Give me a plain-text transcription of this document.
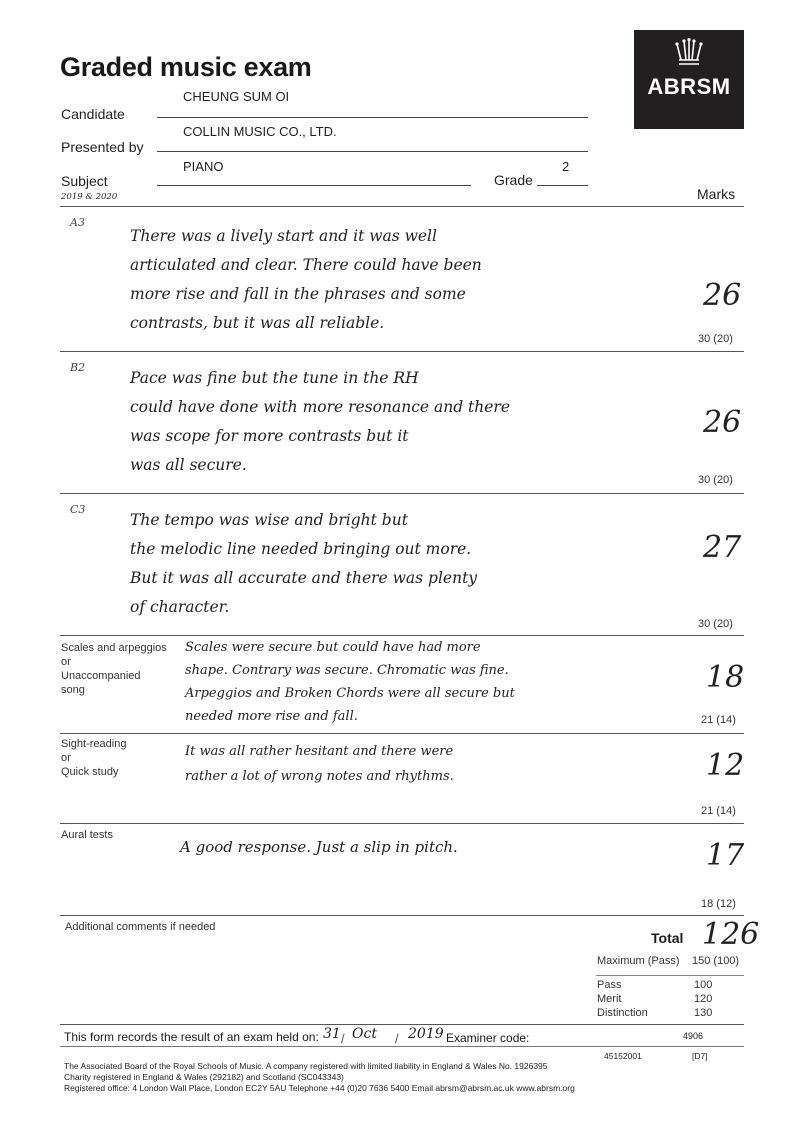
Graded music exam
ABRSM
Candidate
CHEUNG SUM OI
Presented by
COLLIN MUSIC CO., LTD.
Subject
PIANO
2019 & 2020
Grade
2
Marks
A3
There was a lively start and it was well
articulated and clear. There could have been
more rise and fall in the phrases and some
contrasts, but it was all reliable.
26
30 (20)
B2
Pace was fine but the tune in the RH
could have done with more resonance and there
was scope for more contrasts but it
was all secure.
26
30 (20)
C3
The tempo was wise and bright but
the melodic line needed bringing out more.
But it was all accurate and there was plenty
of character.
27
30 (20)
Scales and arpeggios
or
Unaccompanied
song
Scales were secure but could have had more
shape. Contrary was secure. Chromatic was fine.
Arpeggios and Broken Chords were all secure but
needed more rise and fall.
18
21 (14)
Sight-reading
or
Quick study
It was all rather hesitant and there were
rather a lot of wrong notes and rhythms.	12
21 (14)
Aural tests
A good response. Just a slip in pitch.	17
18 (12)
Additional comments if needed
Total 126
Maximum (Pass) 150 (100)
Pass	100
Merit	120
Distinction	130
This form records the result of an exam held on: 31 / Oct / 2019 Examiner code:	4906
45152001	[D7]
The Associated Board of the Royal Schools of Music. A company registered with limited liability in England & Wales No. 1926395
Charity registered in England & Wales (292182) and Scotland (SC043343)
Registered office: 4 London Wall Place, London EC2Y 5AU Telephone +44 (0)20 7636 5400 Email abrsm@abrsm.ac.uk www.abrsm.org
